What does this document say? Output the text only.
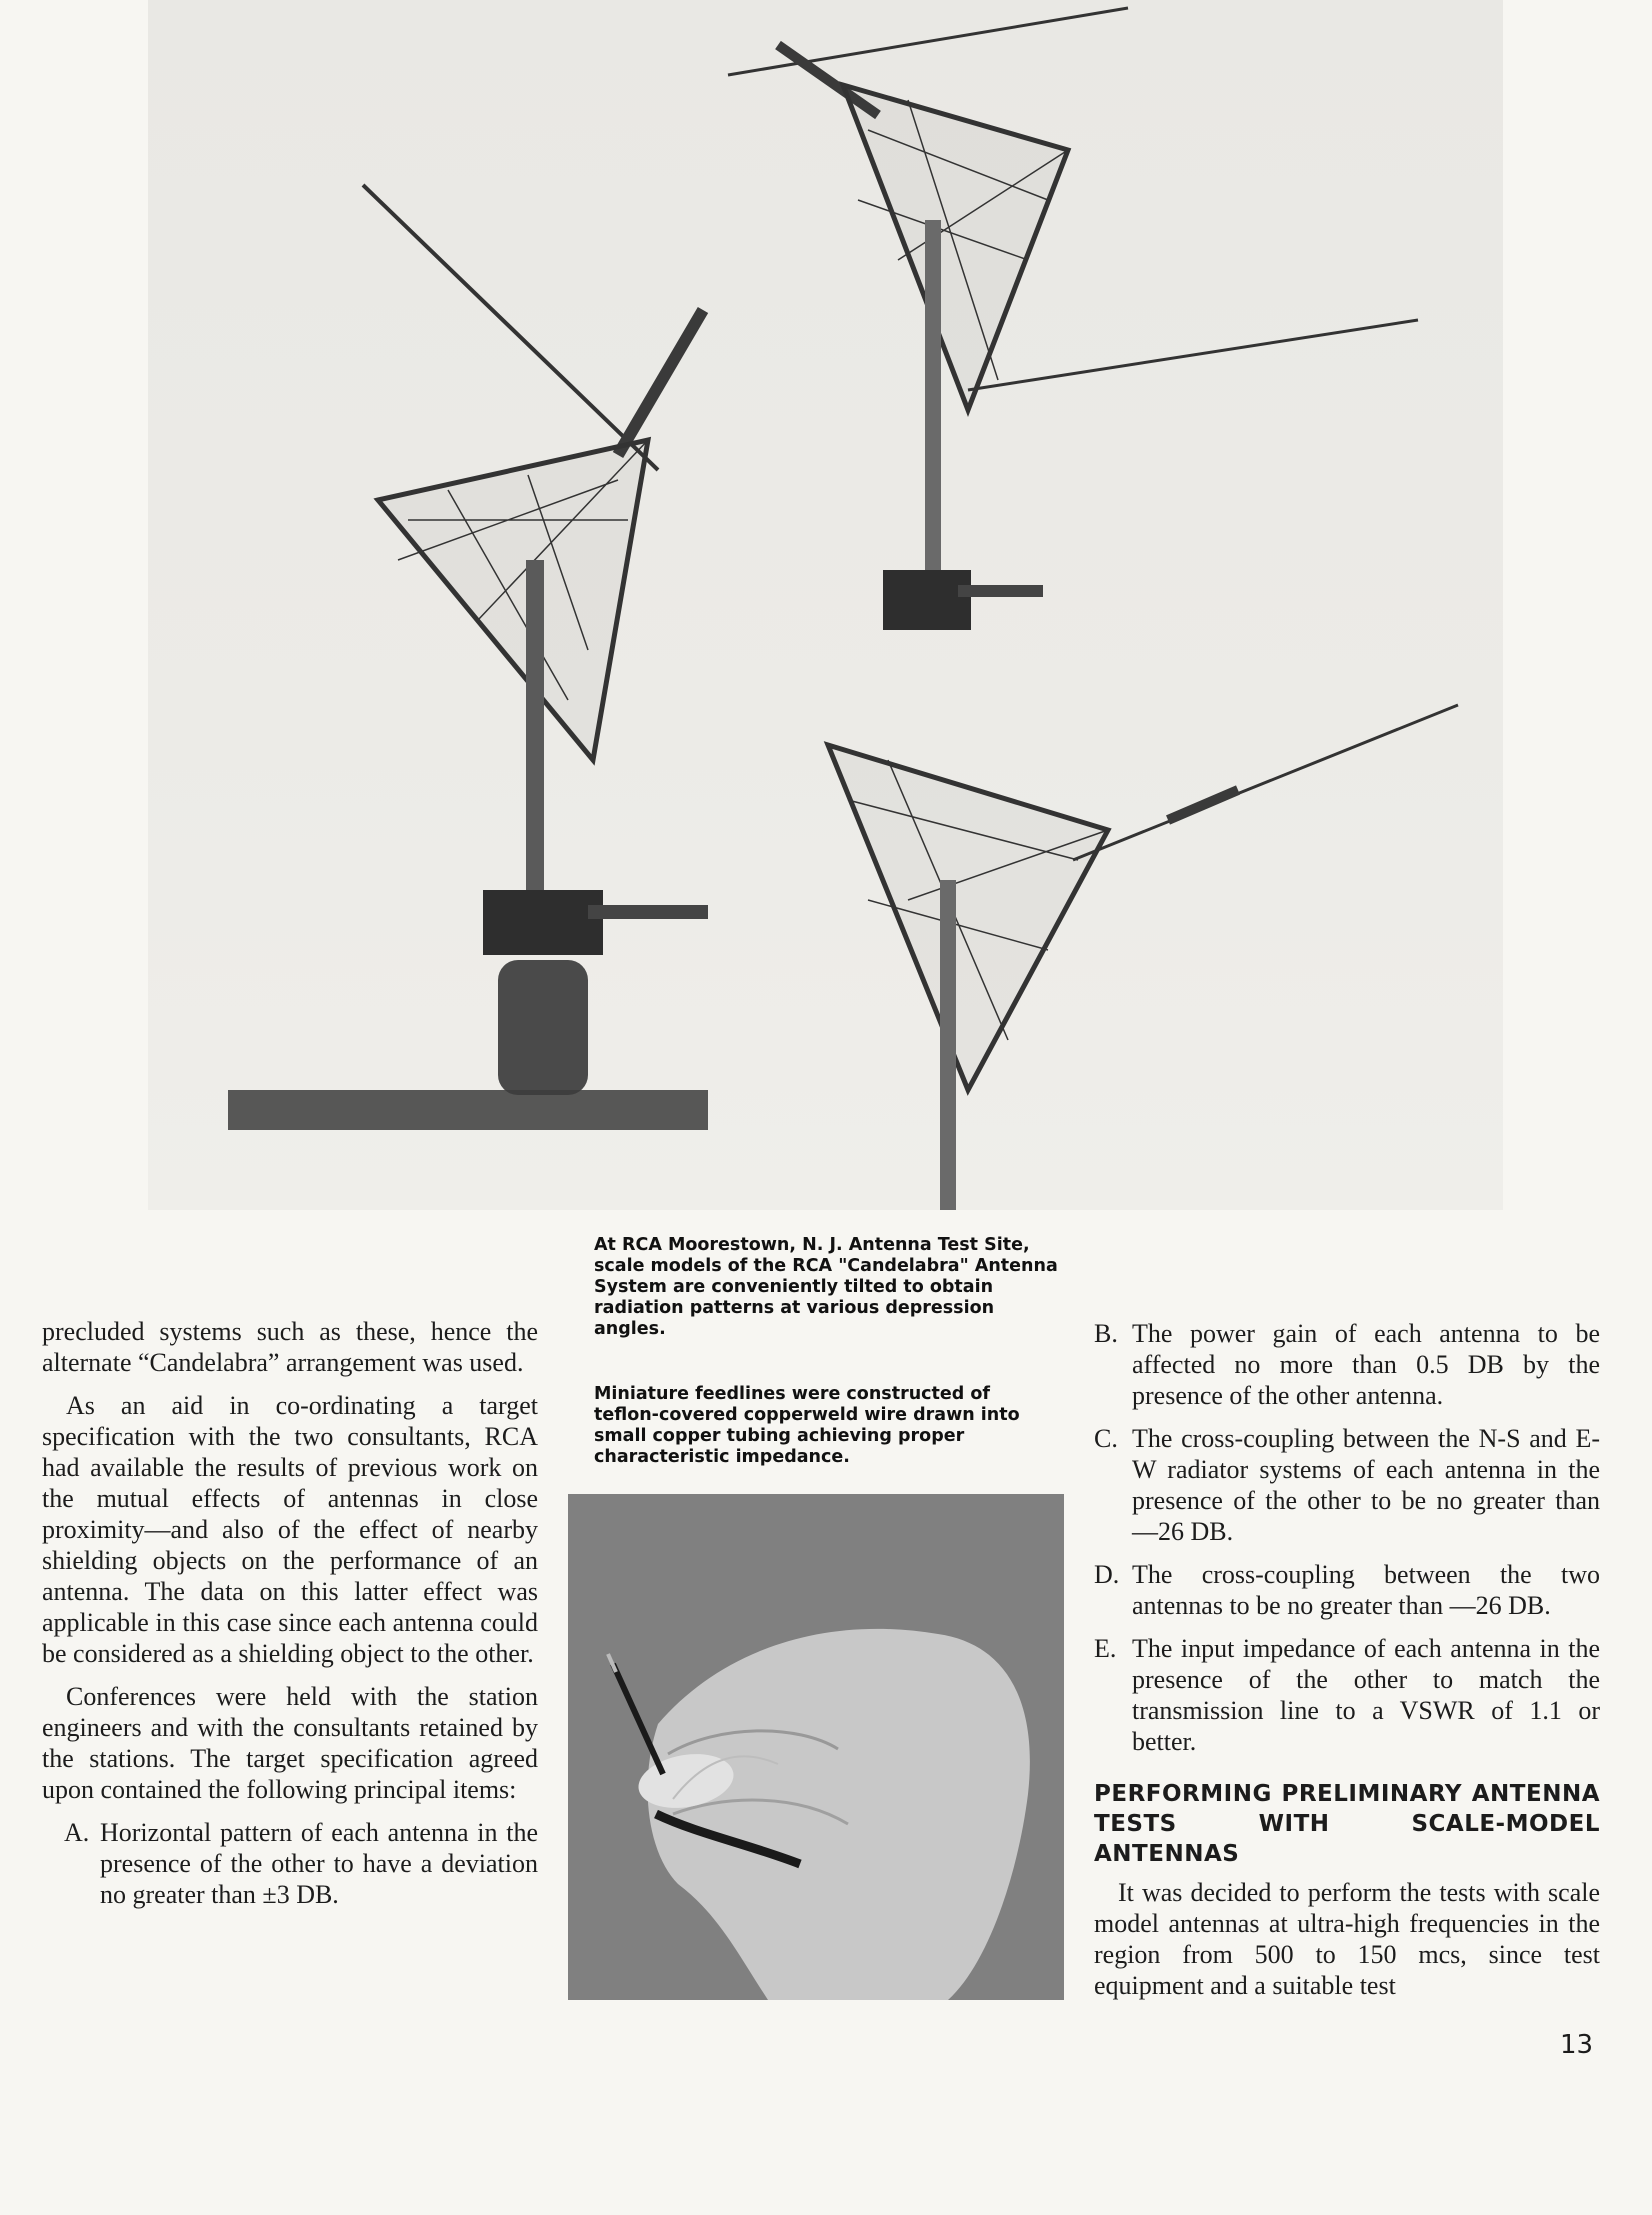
At RCA Moorestown, N. J. Antenna Test Site, scale models of the RCA "Candelabra" Antenna System are conveniently tilted to obtain radiation patterns at various depression angles.
Miniature feedlines were constructed of teflon-covered copperweld wire drawn into small copper tubing achieving proper characteristic impedance.

precluded systems such as these, hence the alternate “Candelabra” arrangement was used.

As an aid in co-ordinating a target specification with the two consultants, RCA had available the results of previous work on the mutual effects of antennas in close proximity—and also of the effect of nearby shielding objects on the performance of an antenna. The data on this latter effect was applicable in this case since each antenna could be considered as a shielding object to the other.

Conferences were held with the station engineers and with the consultants retained by the stations. The target specification agreed upon contained the following principal items:

A. Horizontal pattern of each antenna in the presence of the other to have a deviation no greater than ±3 DB.
B. The power gain of each antenna to be affected no more than 0.5 DB by the presence of the other antenna.
C. The cross-coupling between the N-S and E-W radiator systems of each antenna in the presence of the other to be no greater than —26 DB.
D. The cross-coupling between the two antennas to be no greater than —26 DB.
E. The input impedance of each antenna in the presence of the other to match the transmission line to a VSWR of 1.1 or better.
PERFORMING PRELIMINARY ANTENNA TESTS WITH SCALE-MODEL ANTENNAS

It was decided to perform the tests with scale model antennas at ultra-high frequencies in the region from 500 to 150 mcs, since test equipment and a suitable test

13
